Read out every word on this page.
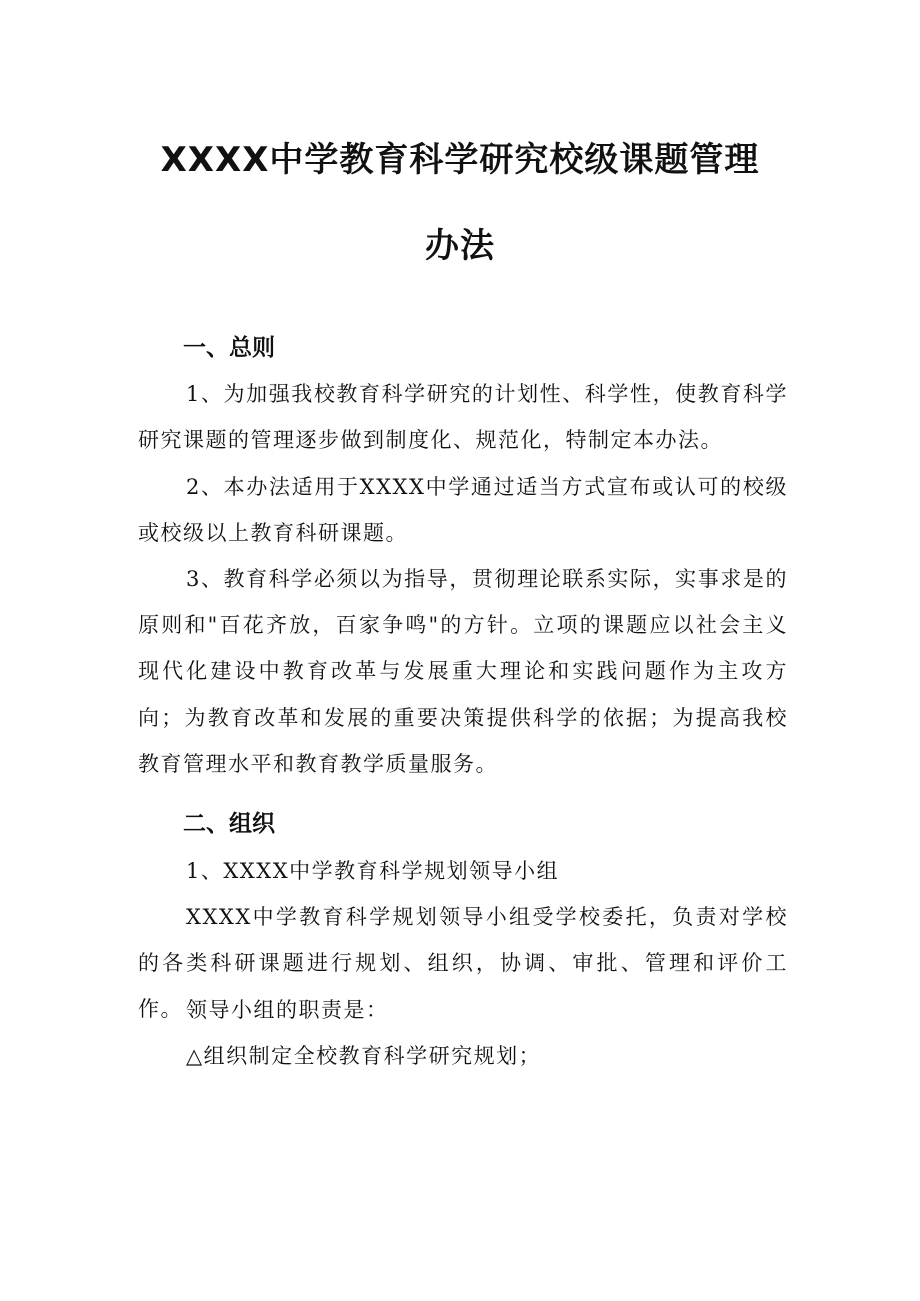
XXXX中学教育科学研究校级课题管理
办法
一、总则

1、为加强我校教育科学研究的计划性、科学性，使教育科学研究课题的管理逐步做到制度化、规范化，特制定本办法。

2、本办法适用于XXXX中学通过适当方式宣布或认可的校级或校级以上教育科研课题。

3、教育科学必须以为指导，贯彻理论联系实际，实事求是的原则和"百花齐放，百家争鸣"的方针。立项的课题应以社会主义现代化建设中教育改革与发展重大理论和实践问题作为主攻方向；为教育改革和发展的重要决策提供科学的依据；为提高我校教育管理水平和教育教学质量服务。

二、组织

1、XXXX中学教育科学规划领导小组

XXXX中学教育科学规划领导小组受学校委托，负责对学校的各类科研课题进行规划、组织，协调、审批、管理和评价工作。 领导小组的职责是：

△组织制定全校教育科学研究规划；
